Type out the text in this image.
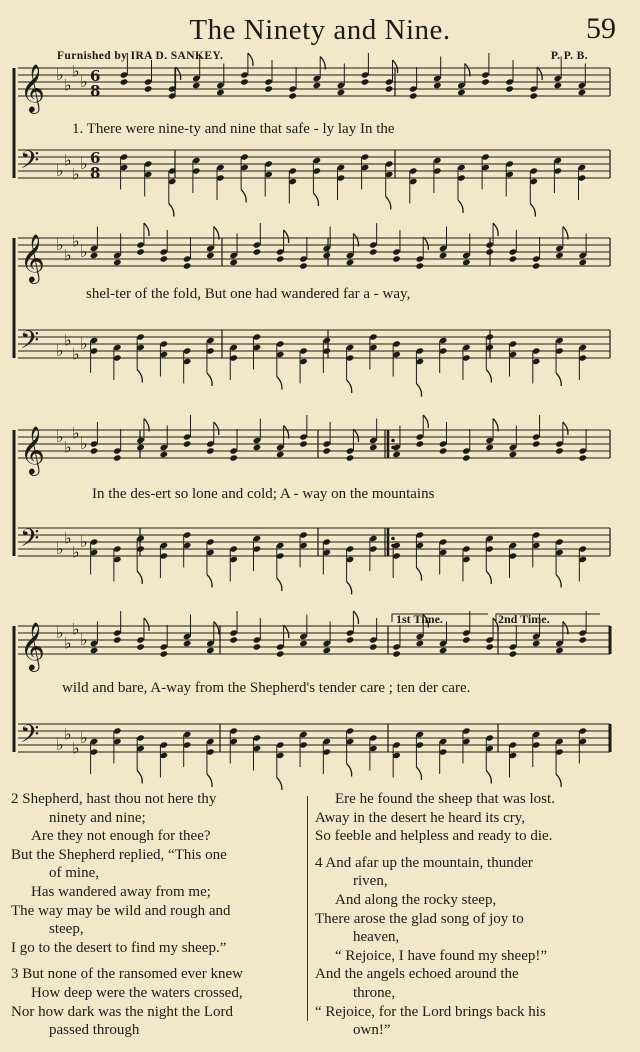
The Ninety and Nine.	59
Furnished by IRA D. SANKEY.	P. P. B.
𝄞 ♭
♭
♭
♭ 6
8
𝄢 ♭
♭
♭
♭ 6
8
𝄞 ♭
♭
♭
♭
𝄢 ♭
♭
♭
♭
𝄞 ♭
♭
♭
♭
𝄢 ♭
♭
♭
♭
𝄞 ♭
♭
♭
♭
𝄢 ♭
♭
♭
♭
1. There were nine-ty and nine that safe - ly lay In the
shel-ter of the fold, But one had wandered far a - way,
In the des-ert so lone and cold; A - way on the mountains
wild and bare, A-way from the Shepherd's tender care ; ten der care.
1st Time.	2nd Time.
2 Shepherd, hast thou not here thy
ninety and nine;
Are they not enough for thee?
But the Shepherd replied, “This one
of mine,
Has wandered away from me;
The way may be wild and rough and
steep,
I go to the desert to find my sheep.”

3 But none of the ransomed ever knew
How deep were the waters crossed,
Nor how dark was the night the Lord
passed through
Ere he found the sheep that was lost.
Away in the desert he heard its cry,
So feeble and helpless and ready to die.

4 And afar up the mountain, thunder
riven,
And along the rocky steep,
There arose the glad song of joy to
heaven,
“ Rejoice, I have found my sheep!”
And the angels echoed around the
throne,
“ Rejoice, for the Lord brings back his
own!”
